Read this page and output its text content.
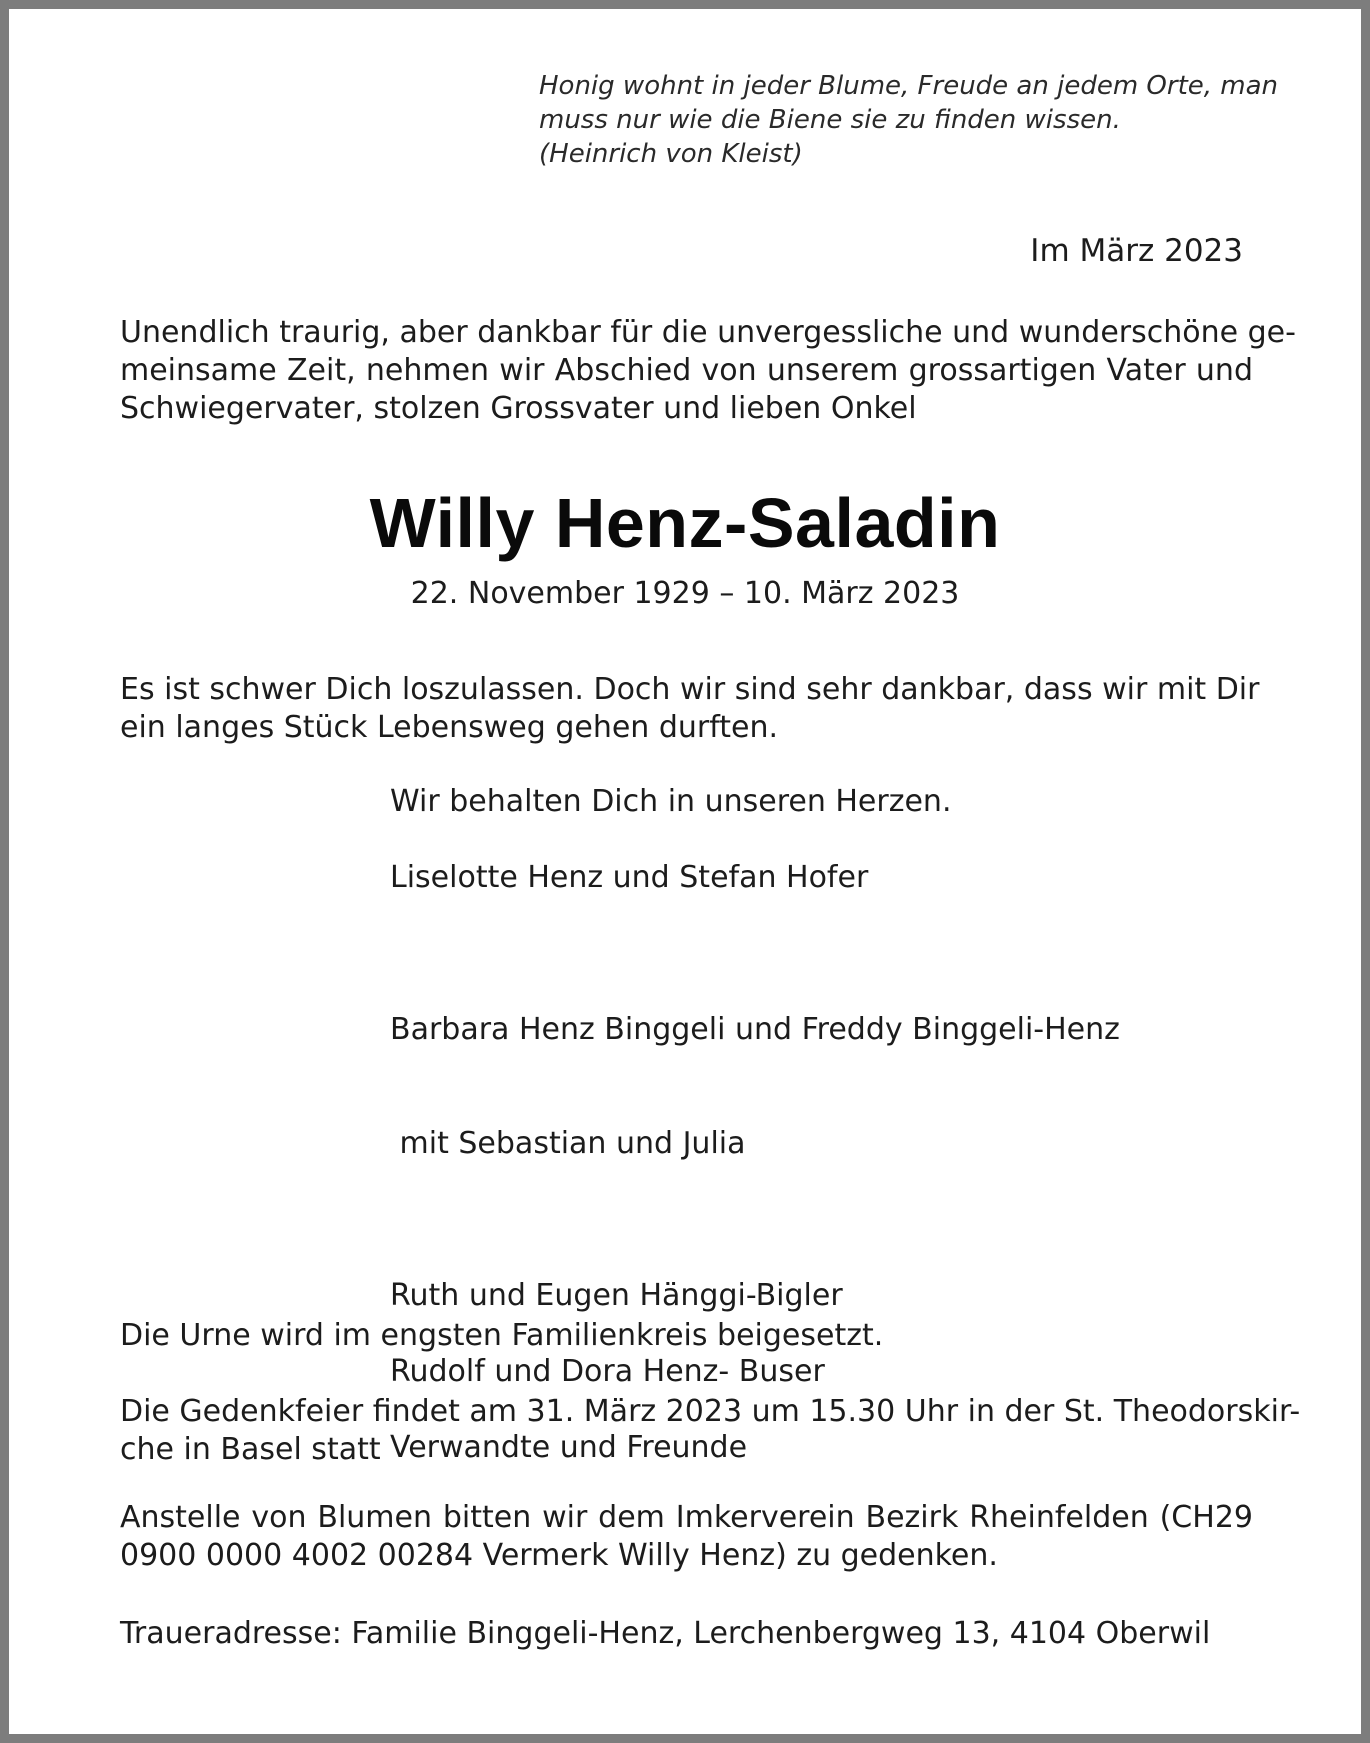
Honig wohnt in jeder Blume, Freude an jedem Orte, man
muss nur wie die Biene sie zu finden wissen.
(Heinrich von Kleist)
Im März 2023
Unendlich traurig, aber dankbar für die unvergessliche und wunderschöne ge-
meinsame Zeit, nehmen wir Abschied von unserem grossartigen Vater und
Schwiegervater, stolzen Grossvater und lieben Onkel
Willy Henz-Saladin
22. November 1929 – 10. März 2023
Es ist schwer Dich loszulassen. Doch wir sind sehr dankbar, dass wir mit Dir
ein langes Stück Lebensweg gehen durften.
Wir behalten Dich in unseren Herzen.
Liselotte Henz und Stefan Hofer

Barbara Henz Binggeli und Freddy Binggeli-Henz

mit Sebastian und Julia

Ruth und Eugen Hänggi-Bigler
Rudolf und Dora Henz- Buser
Verwandte und Freunde
Die Urne wird im engsten Familienkreis beigesetzt.
Die Gedenkfeier findet am 31. März 2023 um 15.30 Uhr in der St. Theodorskir-
che in Basel statt
Anstelle von Blumen bitten wir dem Imkerverein Bezirk Rheinfelden (CH29
0900 0000 4002 00284 Vermerk Willy Henz) zu gedenken.
Traueradresse: Familie Binggeli-Henz, Lerchenbergweg 13, 4104 Oberwil
